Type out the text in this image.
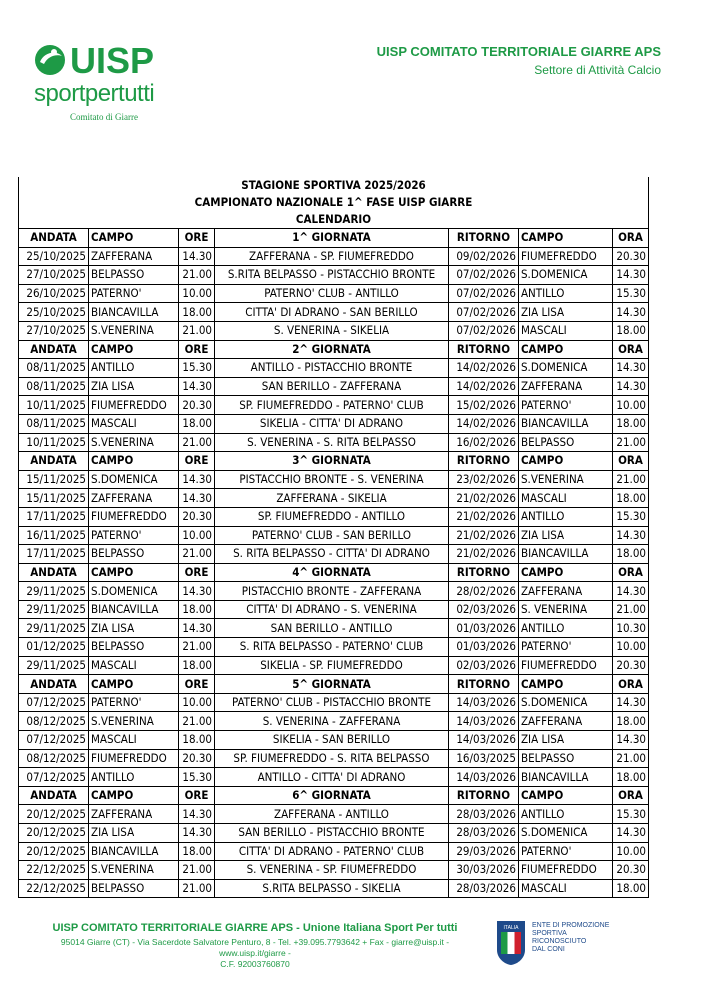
UISP
sportpertutti
Comitato di Giarre
UISP COMITATO TERRITORIALE GIARRE APS
Settore di Attività Calcio
STAGIONE SPORTIVA 2025/2026						
CAMPIONATO NAZIONALE 1^ FASE UISP GIARRE						
CALENDARIO						
ANDATA	CAMPO	ORE	1^ GIORNATA	RITORNO	CAMPO	ORA
25/10/2025	ZAFFERANA	14.30	ZAFFERANA - SP. FIUMEFREDDO	09/02/2026	FIUMEFREDDO	20.30
27/10/2025	BELPASSO	21.00	S.RITA BELPASSO - PISTACCHIO BRONTE	07/02/2026	S.DOMENICA	14.30
26/10/2025	PATERNO'	10.00	PATERNO' CLUB - ANTILLO	07/02/2026	ANTILLO	15.30
25/10/2025	BIANCAVILLA	18.00	CITTA' DI ADRANO - SAN BERILLO	07/02/2026	ZIA LISA	14.30
27/10/2025	S.VENERINA	21.00	S. VENERINA - SIKELIA	07/02/2026	MASCALI	18.00
ANDATA	CAMPO	ORE	2^ GIORNATA	RITORNO	CAMPO	ORA
08/11/2025	ANTILLO	15.30	ANTILLO - PISTACCHIO BRONTE	14/02/2026	S.DOMENICA	14.30
08/11/2025	ZIA LISA	14.30	SAN BERILLO - ZAFFERANA	14/02/2026	ZAFFERANA	14.30
10/11/2025	FIUMEFREDDO	20.30	SP. FIUMEFREDDO - PATERNO' CLUB	15/02/2026	PATERNO'	10.00
08/11/2025	MASCALI	18.00	SIKELIA - CITTA' DI ADRANO	14/02/2026	BIANCAVILLA	18.00
10/11/2025	S.VENERINA	21.00	S. VENERINA - S. RITA BELPASSO	16/02/2026	BELPASSO	21.00
ANDATA	CAMPO	ORE	3^ GIORNATA	RITORNO	CAMPO	ORA
15/11/2025	S.DOMENICA	14.30	PISTACCHIO BRONTE - S. VENERINA	23/02/2026	S.VENERINA	21.00
15/11/2025	ZAFFERANA	14.30	ZAFFERANA - SIKELIA	21/02/2026	MASCALI	18.00
17/11/2025	FIUMEFREDDO	20.30	SP. FIUMEFREDDO - ANTILLO	21/02/2026	ANTILLO	15.30
16/11/2025	PATERNO'	10.00	PATERNO' CLUB - SAN BERILLO	21/02/2026	ZIA LISA	14.30
17/11/2025	BELPASSO	21.00	S. RITA BELPASSO - CITTA' DI ADRANO	21/02/2026	BIANCAVILLA	18.00
ANDATA	CAMPO	ORE	4^ GIORNATA	RITORNO	CAMPO	ORA
29/11/2025	S.DOMENICA	14.30	PISTACCHIO BRONTE - ZAFFERANA	28/02/2026	ZAFFERANA	14.30
29/11/2025	BIANCAVILLA	18.00	CITTA' DI ADRANO - S. VENERINA	02/03/2026	S. VENERINA	21.00
29/11/2025	ZIA LISA	14.30	SAN BERILLO - ANTILLO	01/03/2026	ANTILLO	10.30
01/12/2025	BELPASSO	21.00	S. RITA BELPASSO - PATERNO' CLUB	01/03/2026	PATERNO'	10.00
29/11/2025	MASCALI	18.00	SIKELIA - SP. FIUMEFREDDO	02/03/2026	FIUMEFREDDO	20.30
ANDATA	CAMPO	ORE	5^ GIORNATA	RITORNO	CAMPO	ORA
07/12/2025	PATERNO'	10.00	PATERNO' CLUB - PISTACCHIO BRONTE	14/03/2026	S.DOMENICA	14.30
08/12/2025	S.VENERINA	21.00	S. VENERINA - ZAFFERANA	14/03/2026	ZAFFERANA	18.00
07/12/2025	MASCALI	18.00	SIKELIA - SAN BERILLO	14/03/2026	ZIA LISA	14.30
08/12/2025	FIUMEFREDDO	20.30	SP. FIUMEFREDDO - S. RITA BELPASSO	16/03/2025	BELPASSO	21.00
07/12/2025	ANTILLO	15.30	ANTILLO - CITTA' DI ADRANO	14/03/2026	BIANCAVILLA	18.00
ANDATA	CAMPO	ORE	6^ GIORNATA	RITORNO	CAMPO	ORA
20/12/2025	ZAFFERANA	14.30	ZAFFERANA - ANTILLO	28/03/2026	ANTILLO	15.30
20/12/2025	ZIA LISA	14.30	SAN BERILLO - PISTACCHIO BRONTE	28/03/2026	S.DOMENICA	14.30
20/12/2025	BIANCAVILLA	18.00	CITTA' DI ADRANO - PATERNO' CLUB	29/03/2026	PATERNO'	10.00
22/12/2025	S.VENERINA	21.00	S. VENERINA - SP. FIUMEFREDDO	30/03/2026	FIUMEFREDDO	20.30
22/12/2025	BELPASSO	21.00	S.RITA BELPASSO - SIKELIA	28/03/2026	MASCALI	18.00
UISP COMITATO TERRITORIALE GIARRE APS - Unione Italiana Sport Per tutti
95014 Giarre (CT) - Via Sacerdote Salvatore Penturo, 8 - Tel. +39.095.7793642 + Fax - giarre@uisp.it - www.uisp.it/giarre -
C.F. 92003760870
ITALIA ENTE DI PROMOZIONE
SPORTIVA
RICONOSCIUTO
DAL CONI
